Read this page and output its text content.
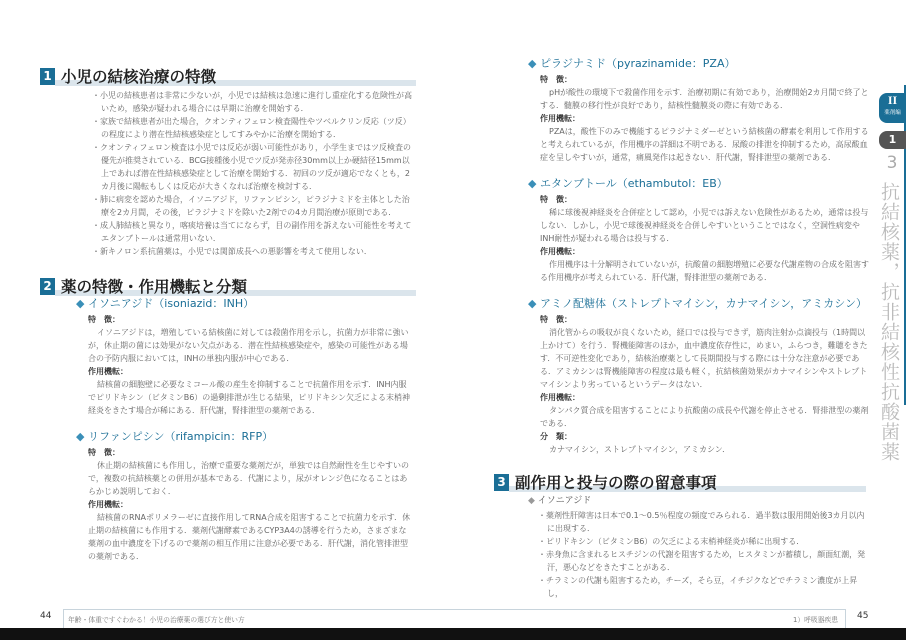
1 小児の結核治療の特徴
・ 小児の結核患者は非常に少ないが，小児では結核は急速に進行し重症化する危険性が高いため，感染が疑われる場合には早期に治療を開始する．
・ 家族で結核患者が出た場合，クオンティフェロン検査陽性やツベルクリン反応（ツ反）の程度により潜在性結核感染症としてすみやかに治療を開始する．
・ クオンティフェロン検査は小児では反応が弱い可能性があり，小学生まではツ反検査の優先が推奨されている．BCG接種後小児でツ反が発赤径30mm以上か硬結径15mm以上であれば潜在性結核感染症として治療を開始する．初回のツ反が適応でなくとも，2カ月後に陽転もしくは反応が大きくなれば治療を検討する．
・ 肺に病変を認めた場合，イソニアジド，リファンピシン，ピラジナミドを主体とした治療を2カ月間，その後，ピラジナミドを除いた2剤での4カ月間治療が原則である．
・ 成人肺結核と異なり，喀痰培養は当てにならず，目の副作用を訴えない可能性を考えてエタンブトールは通常用いない．
・ 新キノロン系抗菌薬は，小児では関節成長への悪影響を考えて使用しない．
2 薬の特徴・作用機転と分類
◆ イソニアジド（isoniazid：INH）
特　徴：
イソニアジドは，増殖している結核菌に対しては殺菌作用を示し，抗菌力が非常に強いが，休止期の菌には効果がない欠点がある．潜在性結核感染症や，感染の可能性がある場合の予防内服においては，INHの単独内服が中心である．
作用機転：
結核菌の細胞壁に必要なミコール酸の産生を抑制することで抗菌作用を示す．INH内服でピリドキシン（ビタミンB6）の過剰排泄が生じる結果，ピリドキシン欠乏による末梢神経炎をきたす場合が稀にある．肝代謝，腎排泄型の薬剤である．
◆ リファンピシン（rifampicin：RFP）
特　徴：
休止期の結核菌にも作用し，治療で重要な薬剤だが，単独では自然耐性を生じやすいので，複数の抗結核薬との併用が基本である．代謝により，尿がオレンジ色になることはあらかじめ説明しておく．
作用機転：
結核菌のRNAポリメラーゼに直接作用してRNA合成を阻害することで抗菌力を示す．休止期の結核菌にも作用する．薬剤代謝酵素であるCYP3A4の誘導を行うため，さまざまな薬剤の血中濃度を下げるので薬剤の相互作用に注意が必要である．肝代謝，消化管排泄型の薬剤である．
44 年齢・体重ですぐわかる！小児の治療薬の選び方と使い方
◆ ピラジナミド（pyrazinamide：PZA）
特　徴：
pHが酸性の環境下で殺菌作用を示す．治療初期に有効であり，治療開始2カ月間で終了とする．髄膜の移行性が良好であり，結核性髄膜炎の際に有効である．
作用機転：
PZAは，酸性下のみで機能するピラジナミダーゼという結核菌の酵素を利用して作用すると考えられているが，作用機序の詳細は不明である．尿酸の排泄を抑制するため，高尿酸血症を呈しやすいが，通常，痛風発作は起きない．肝代謝，腎排泄型の薬剤である．
◆ エタンブトール（ethambutol：EB）
特　徴：
稀に球後視神経炎を合併症として認め，小児では訴えない危険性があるため，通常は投与しない．しかし，小児で球後視神経炎を合併しやすいということではなく，空洞性病変やINH耐性が疑われる場合は投与する．
作用機転：
作用機序は十分解明されていないが，抗酸菌の細胞増殖に必要な代謝産物の合成を阻害する作用機序が考えられている．肝代謝，腎排泄型の薬剤である．
◆ アミノ配糖体（ストレプトマイシン，カナマイシン，アミカシン）
特　徴：
消化管からの吸収が良くないため，経口では投与できず，筋肉注射か点滴投与（1時間以上かけて）を行う．腎機能障害のほか，血中濃度依存性に，めまい，ふらつき，難聴をきたす．不可逆性変化であり，結核治療薬として長期間投与する際には十分な注意が必要である．アミカシンは腎機能障害の程度は最も軽く，抗結核菌効果がカナマイシンやストレプトマイシンより劣っているというデータはない．
作用機転：
タンパク質合成を阻害することにより抗酸菌の成長や代謝を停止させる．腎排泄型の薬剤である．
分　類：
カナマイシン，ストレプトマイシン，アミカシン．
3 副作用と投与の際の留意事項
◆ イソニアジド
・ 薬剤性肝障害は日本で0.1～0.5％程度の頻度でみられる．過半数は服用開始後3カ月以内に出現する．
・ ピリドキシン（ビタミンB6）の欠乏による末梢神経炎が稀に出現する．
・ 赤身魚に含まれるヒスチジンの代謝を阻害するため，ヒスタミンが蓄積し，顔面紅潮，発汗，悪心などをきたすことがある．
・ チラミンの代謝も阻害するため，チーズ，そら豆，イチジクなどでチラミン濃度が上昇し，
1）呼吸器疾患 45
II
薬剤編
1
3
抗結核薬，抗非結核性抗酸菌薬
